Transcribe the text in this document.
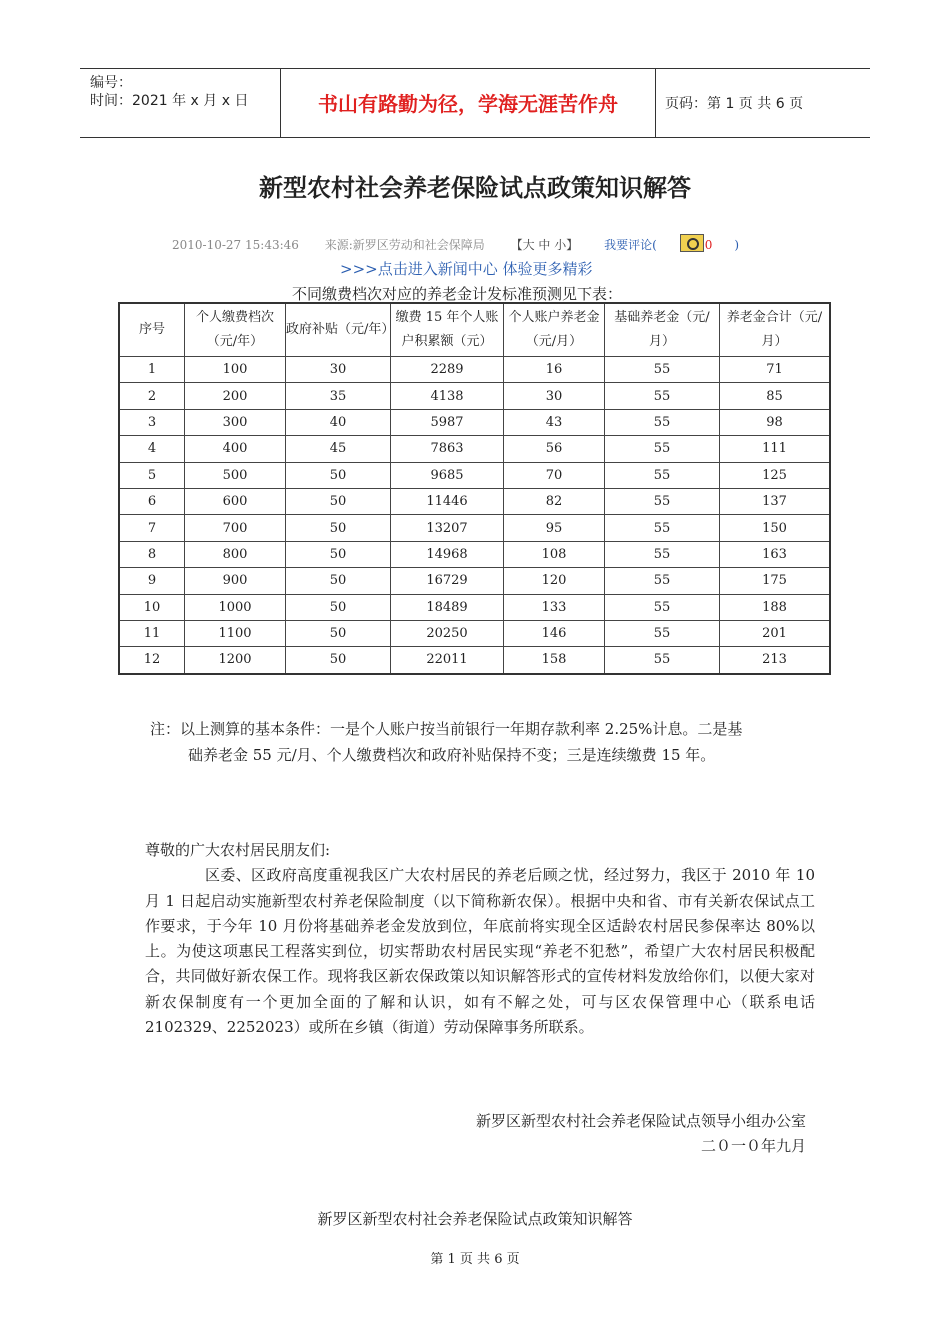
编号：
时间：2021 年 x 月 x 日	书山有路勤为径，学海无涯苦作舟	页码：第 1 页 共 6 页
新型农村社会养老保险试点政策知识解答
2010-10-27 15:43:46 来源:新罗区劳动和社会保障局 【大 中 小】 我要评论(	0 )
>>>点击进入新闻中心 体验更多精彩
不同缴费档次对应的养老金计发标准预测见下表：
序号	个人缴费档次（元/年）	政府补贴（元/年）	缴费 15 年个人账户积累额（元）	个人账户养老金（元/月）	基础养老金（元/月）	养老金合计（元/月）
1	100	30	2289	16	55	71
2	200	35	4138	30	55	85
3	300	40	5987	43	55	98
4	400	45	7863	56	55	111
5	500	50	9685	70	55	125
6	600	50	11446	82	55	137
7	700	50	13207	95	55	150
8	800	50	14968	108	55	163
9	900	50	16729	120	55	175
10	1000	50	18489	133	55	188
11	1100	50	20250	146	55	201
12	1200	50	22011	158	55	213
注：以上测算的基本条件：一是个人账户按当前银行一年期存款利率 2.25%计息。二是基
础养老金 55 元/月、个人缴费档次和政府补贴保持不变；三是连续缴费 15 年。

尊敬的广大农村居民朋友们:

区委、区政府高度重视我区广大农村居民的养老后顾之忧，经过努力，我区于 2010 年 10 月 1 日起启动实施新型农村养老保险制度（以下简称新农保）。根据中央和省、市有关新农保试点工作要求，于今年 10 月份将基础养老金发放到位，年底前将实现全区适龄农村居民参保率达 80%以上。为使这项惠民工程落实到位，切实帮助农村居民实现“养老不犯愁”，希望广大农村居民积极配合，共同做好新农保工作。现将我区新农保政策以知识解答形式的宣传材料发放给你们，以便大家对新农保制度有一个更加全面的了解和认识，如有不解之处，可与区农保管理中心（联系电话 2102329、2252023）或所在乡镇（街道）劳动保障事务所联系。

新罗区新型农村社会养老保险试点领导小组办公室
二０一０年九月
新罗区新型农村社会养老保险试点政策知识解答
第 1 页 共 6 页
